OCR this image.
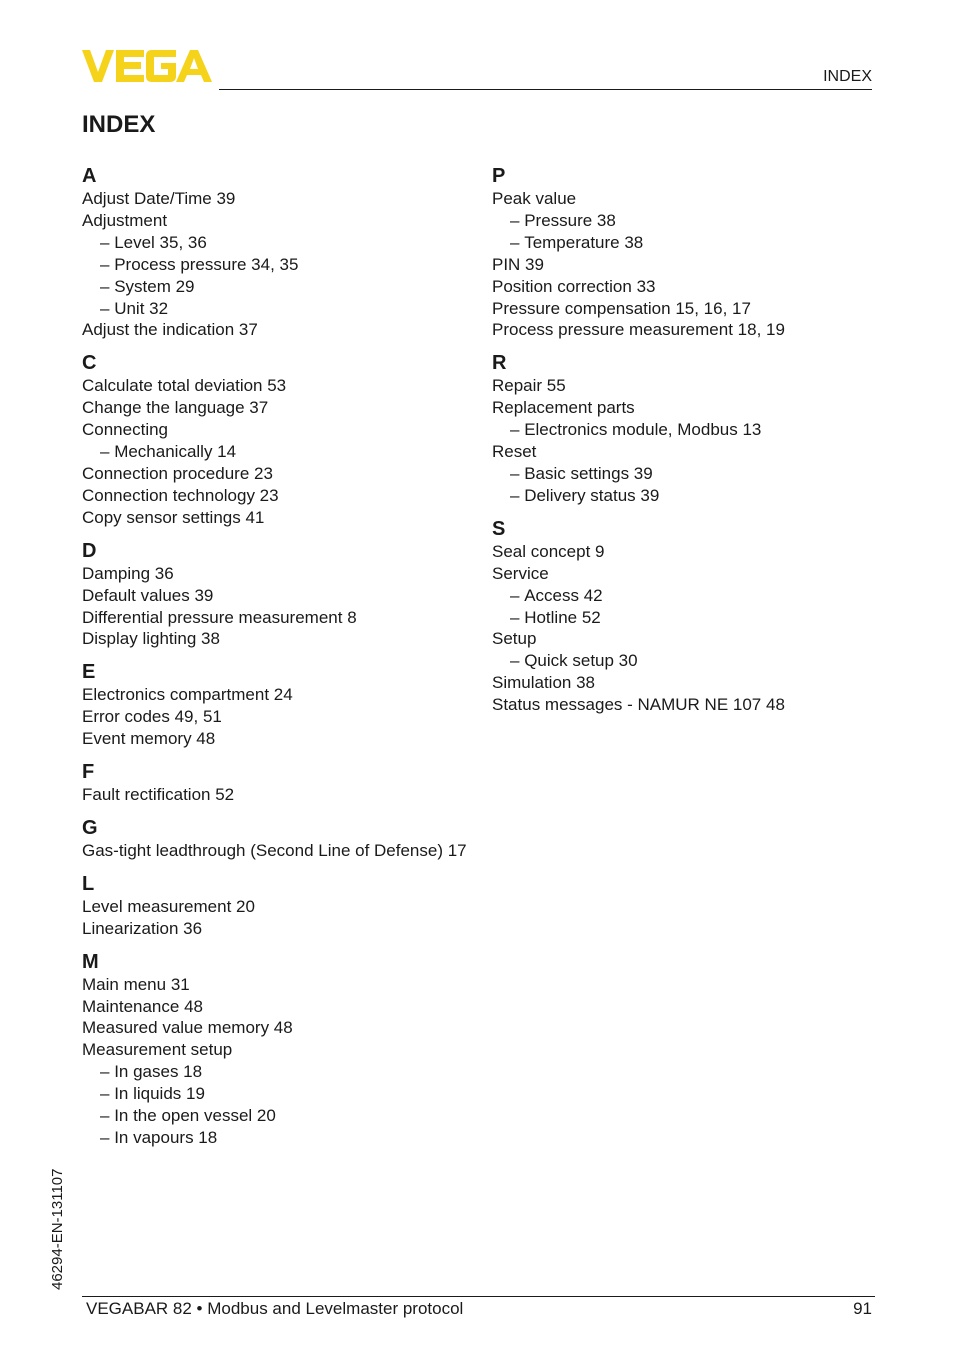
INDEX
INDEX
A
Adjust Date/Time 39
Adjustment
– Level 35, 36
– Process pressure 34, 35
– System 29
– Unit 32
Adjust the indication 37
C
Calculate total deviation 53
Change the language 37
Connecting
– Mechanically 14
Connection procedure 23
Connection technology 23
Copy sensor settings 41
D
Damping 36
Default values 39
Differential pressure measurement 8
Display lighting 38
E
Electronics compartment 24
Error codes 49, 51
Event memory 48
F
Fault rectification 52
G
Gas-tight leadthrough (Second Line of Defense) 17
L
Level measurement 20
Linearization 36
M
Main menu 31
Maintenance 48
Measured value memory 48
Measurement setup
– In gases 18
– In liquids 19
– In the open vessel 20
– In vapours 18
P
Peak value
– Pressure 38
– Temperature 38
PIN 39
Position correction 33
Pressure compensation 15, 16, 17
Process pressure measurement 18, 19
R
Repair 55
Replacement parts
– Electronics module, Modbus 13
Reset
– Basic settings 39
– Delivery status 39
S
Seal concept 9
Service
– Access 42
– Hotline 52
Setup
– Quick setup 30
Simulation 38
Status messages - NAMUR NE 107 48
46294-EN-131107
VEGABAR 82 • Modbus and Levelmaster protocol	91
